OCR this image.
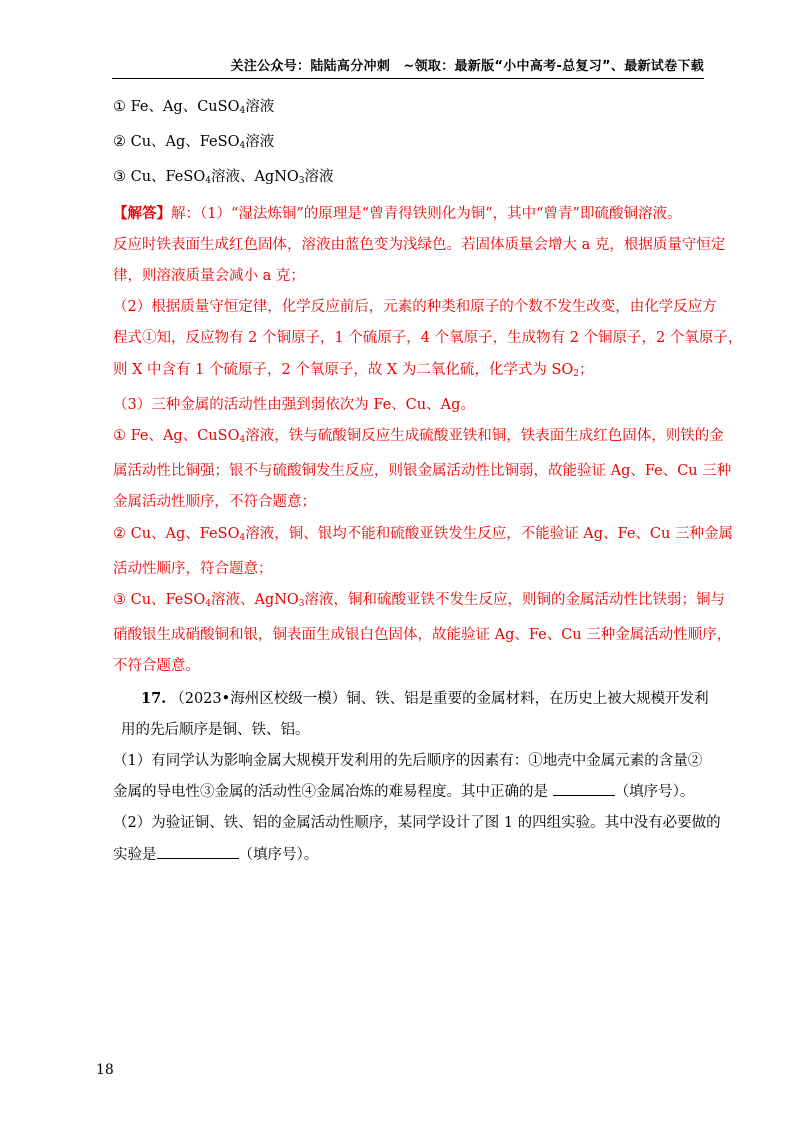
关注公众号：陆陆高分冲刺　~领取：最新版“小中高考-总复习”、最新试卷下载
① Fe、Ag、CuSO$_4$溶液
② Cu、Ag、FeSO$_4$溶液
③ Cu、FeSO$_4$溶液、AgNO$_3$溶液
【解答】解：（1）“湿法炼铜”的原理是“曾青得铁则化为铜”，其中“曾青”即硫酸铜溶液。
反应时铁表面生成红色固体，溶液由蓝色变为浅绿色。若固体质量会增大 a 克，根据质量守恒定
律，则溶液质量会减小 a 克；
（2）根据质量守恒定律，化学反应前后，元素的种类和原子的个数不发生改变，由化学反应方
程式①知，反应物有 2 个铜原子，1 个硫原子，4 个氧原子，生成物有 2 个铜原子，2 个氧原子，
则 X 中含有 1 个硫原子，2 个氧原子，故 X 为二氧化硫，化学式为 $SO_2$；
（3）三种金属的活动性由强到弱依次为 Fe、Cu、Ag。
① Fe、Ag、CuSO$_4$溶液，铁与硫酸铜反应生成硫酸亚铁和铜，铁表面生成红色固体，则铁的金
属活动性比铜强；银不与硫酸铜发生反应，则银金属活动性比铜弱，故能验证 Ag、Fe、Cu 三种
金属活动性顺序，不符合题意；
② Cu、Ag、FeSO$_4$溶液，铜、银均不能和硫酸亚铁发生反应，不能验证 Ag、Fe、Cu 三种金属
活动性顺序，符合题意；
③ Cu、FeSO$_4$溶液、AgNO$_3$溶液，铜和硫酸亚铁不发生反应，则铜的金属活动性比铁弱；铜与
硝酸银生成硝酸铜和银，铜表面生成银白色固体，故能验证 Ag、Fe、Cu 三种金属活动性顺序，
不符合题意。
17. （2023•海州区校级一模）铜、铁、铝是重要的金属材料，在历史上被大规模开发利
用的先后顺序是铜、铁、铝。
（1）有同学认为影响金属大规模开发利用的先后顺序的因素有：①地壳中金属元素的含量②
金属的导电性③金属的活动性④金属冶炼的难易程度。其中正确的是	（填序号）。
（2）为验证铜、铁、铝的金属活动性顺序，某同学设计了图 1 的四组实验。其中没有必要做的
实验是	（填序号）。
18
